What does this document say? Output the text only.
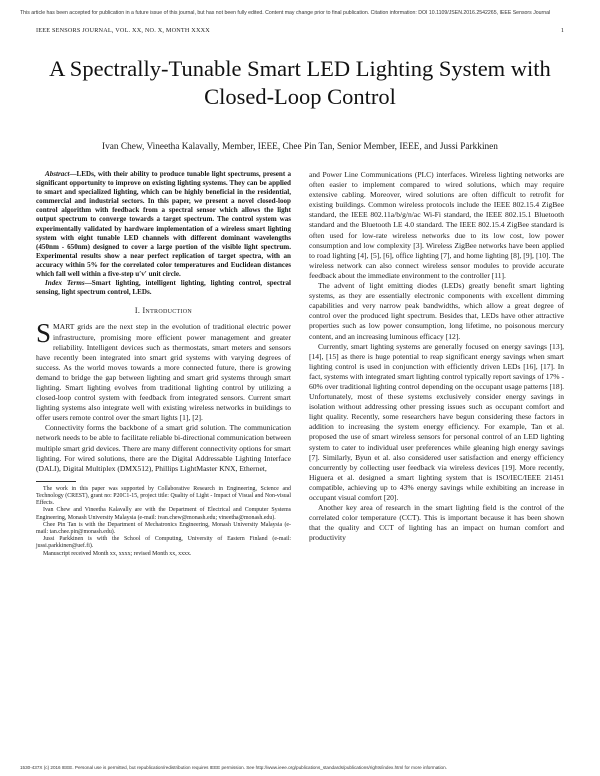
This article has been accepted for publication in a future issue of this journal, but has not been fully edited. Content may change prior to final publication. Citation information: DOI 10.1109/JSEN.2016.2542265, IEEE Sensors Journal
IEEE SENSORS JOURNAL, VOL. XX, NO. X, MONTH XXXX	1
A Spectrally-Tunable Smart LED Lighting System with Closed-Loop Control
Ivan Chew, Vineetha Kalavally, Member, IEEE, Chee Pin Tan, Senior Member, IEEE, and Jussi Parkkinen

Abstract—LEDs, with their ability to produce tunable light spectrums, present a significant opportunity to improve on existing lighting systems. They can be applied to smart and specialized lighting, which can be highly beneficial in the residential, commercial and industrial sectors. In this paper, we present a novel closed-loop control algorithm with feedback from a spectral sensor which allows the light output spectrum to converge towards a target spectrum. The control system was experimentally validated by hardware implementation of a wireless smart lighting system with eight tunable LED channels with different dominant wavelengths (450nm - 650nm) designed to cover a large portion of the visible light spectrum. Experimental results show a near perfect replication of target spectra, with an accuracy within 5% for the correlated color temperatures and Euclidean distances which fall well within a five-step u′v′ unit circle.

Index Terms—Smart lighting, intelligent lighting, lighting control, spectral sensing, light spectrum control, LEDs.

I. Introduction

SMART grids are the next step in the evolution of traditional electric power infrastructure, promising more efficient power management and greater reliability. Intelligent devices such as thermostats, smart meters and sensors have recently been integrated into smart grid systems with varying degrees of success. As the world moves towards a more connected future, there is growing demand to bridge the gap between lighting and smart grid systems through smart lighting. Smart lighting evolves from traditional lighting control by utilizing a closed-loop control system with feedback from integrated sensors. Current smart lighting systems also integrate well with existing wireless networks in buildings to offer users remote control over the smart lights [1], [2].

Connectivity forms the backbone of a smart grid solution. The communication network needs to be able to facilitate reliable bi-directional communication between multiple smart grid devices. There are many different connectivity options for smart lighting. For wired solutions, there are the Digital Addressable Lighting Interface (DALI), Digital Multiplex (DMX512), Phillips LightMaster KNX, Ethernet,

The work in this paper was supported by Collaborative Research in Engineering, Science and Technology (CREST), grant no: P20C1-15, project title: Quality of Light - Impact of Visual and Non-visual Effects.

Ivan Chew and Vineetha Kalavally are with the Department of Electrical and Computer Systems Engineering, Monash University Malaysia (e-mail: ivan.chew@monash.edu; vineetha@monash.edu).

Chee Pin Tan is with the Department of Mechatronics Engineering, Monash University Malaysia (e-mail: tan.chee.pin@monash.edu).

Jussi Parkkinen is with the School of Computing, University of Eastern Finland (e-mail: jussi.parkkinen@uef.fi).

Manuscript received Month xx, xxxx; revised Month xx, xxxx.

and Power Line Communications (PLC) interfaces. Wireless lighting networks are often easier to implement compared to wired solutions, which may require extensive cabling. Moreover, wired solutions are often difficult to retrofit for existing buildings. Common wireless protocols include the IEEE 802.15.4 ZigBee standard, the IEEE 802.11a/b/g/n/ac Wi-Fi standard, the IEEE 802.15.1 Bluetooth standard and the Bluetooth LE 4.0 standard. The IEEE 802.15.4 ZigBee standard is often used for low-rate wireless networks due to its low cost, low power consumption and low complexity [3]. Wireless ZigBee networks have been applied to road lighting [4], [5], [6], office lighting [7], and home lighting [8], [9], [10]. The wireless network can also connect wireless sensor modules to provide accurate feedback about the immediate environment to the controller [11].

The advent of light emitting diodes (LEDs) greatly benefit smart lighting systems, as they are essentially electronic components with excellent dimming capabilities and very narrow peak bandwidths, which allow a great degree of control over the produced light spectrum. Besides that, LEDs have other attractive properties such as low power consumption, long lifetime, no poisonous mercury content, and an increasing luminous efficacy [12].

Currently, smart lighting systems are generally focused on energy savings [13], [14], [15] as there is huge potential to reap significant energy savings when smart lighting control is used in conjunction with efficiently driven LEDs [16], [17]. In fact, systems with integrated smart lighting control typically report savings of 17% - 60% over traditional lighting control depending on the occupant usage patterns [18]. Unfortunately, most of these systems exclusively consider energy savings in isolation without addressing other pressing issues such as occupant comfort and light quality. Recently, some researchers have begun considering these factors in addition to increasing the system energy efficiency. For example, Tan et al. proposed the use of smart wireless sensors for personal control of an LED lighting system to cater to individual user preferences while gleaning high energy savings [7]. Similarly, Byun et al. also considered user satisfaction and energy efficiency concurrently by collecting user feedback via wireless devices [19]. More recently, Higuera et al. designed a smart lighting system that is ISO/IEC/IEEE 21451 compatible, achieving up to 43% energy savings while exhibiting an increase in occupant visual comfort [20].

Another key area of research in the smart lighting field is the control of the correlated color temperature (CCT). This is important because it has been shown that the quality and CCT of lighting has an impact on human comfort and productivity

1530-437X (c) 2016 IEEE. Personal use is permitted, but republication/redistribution requires IEEE permission. See http://www.ieee.org/publications_standards/publications/rights/index.html for more information.
